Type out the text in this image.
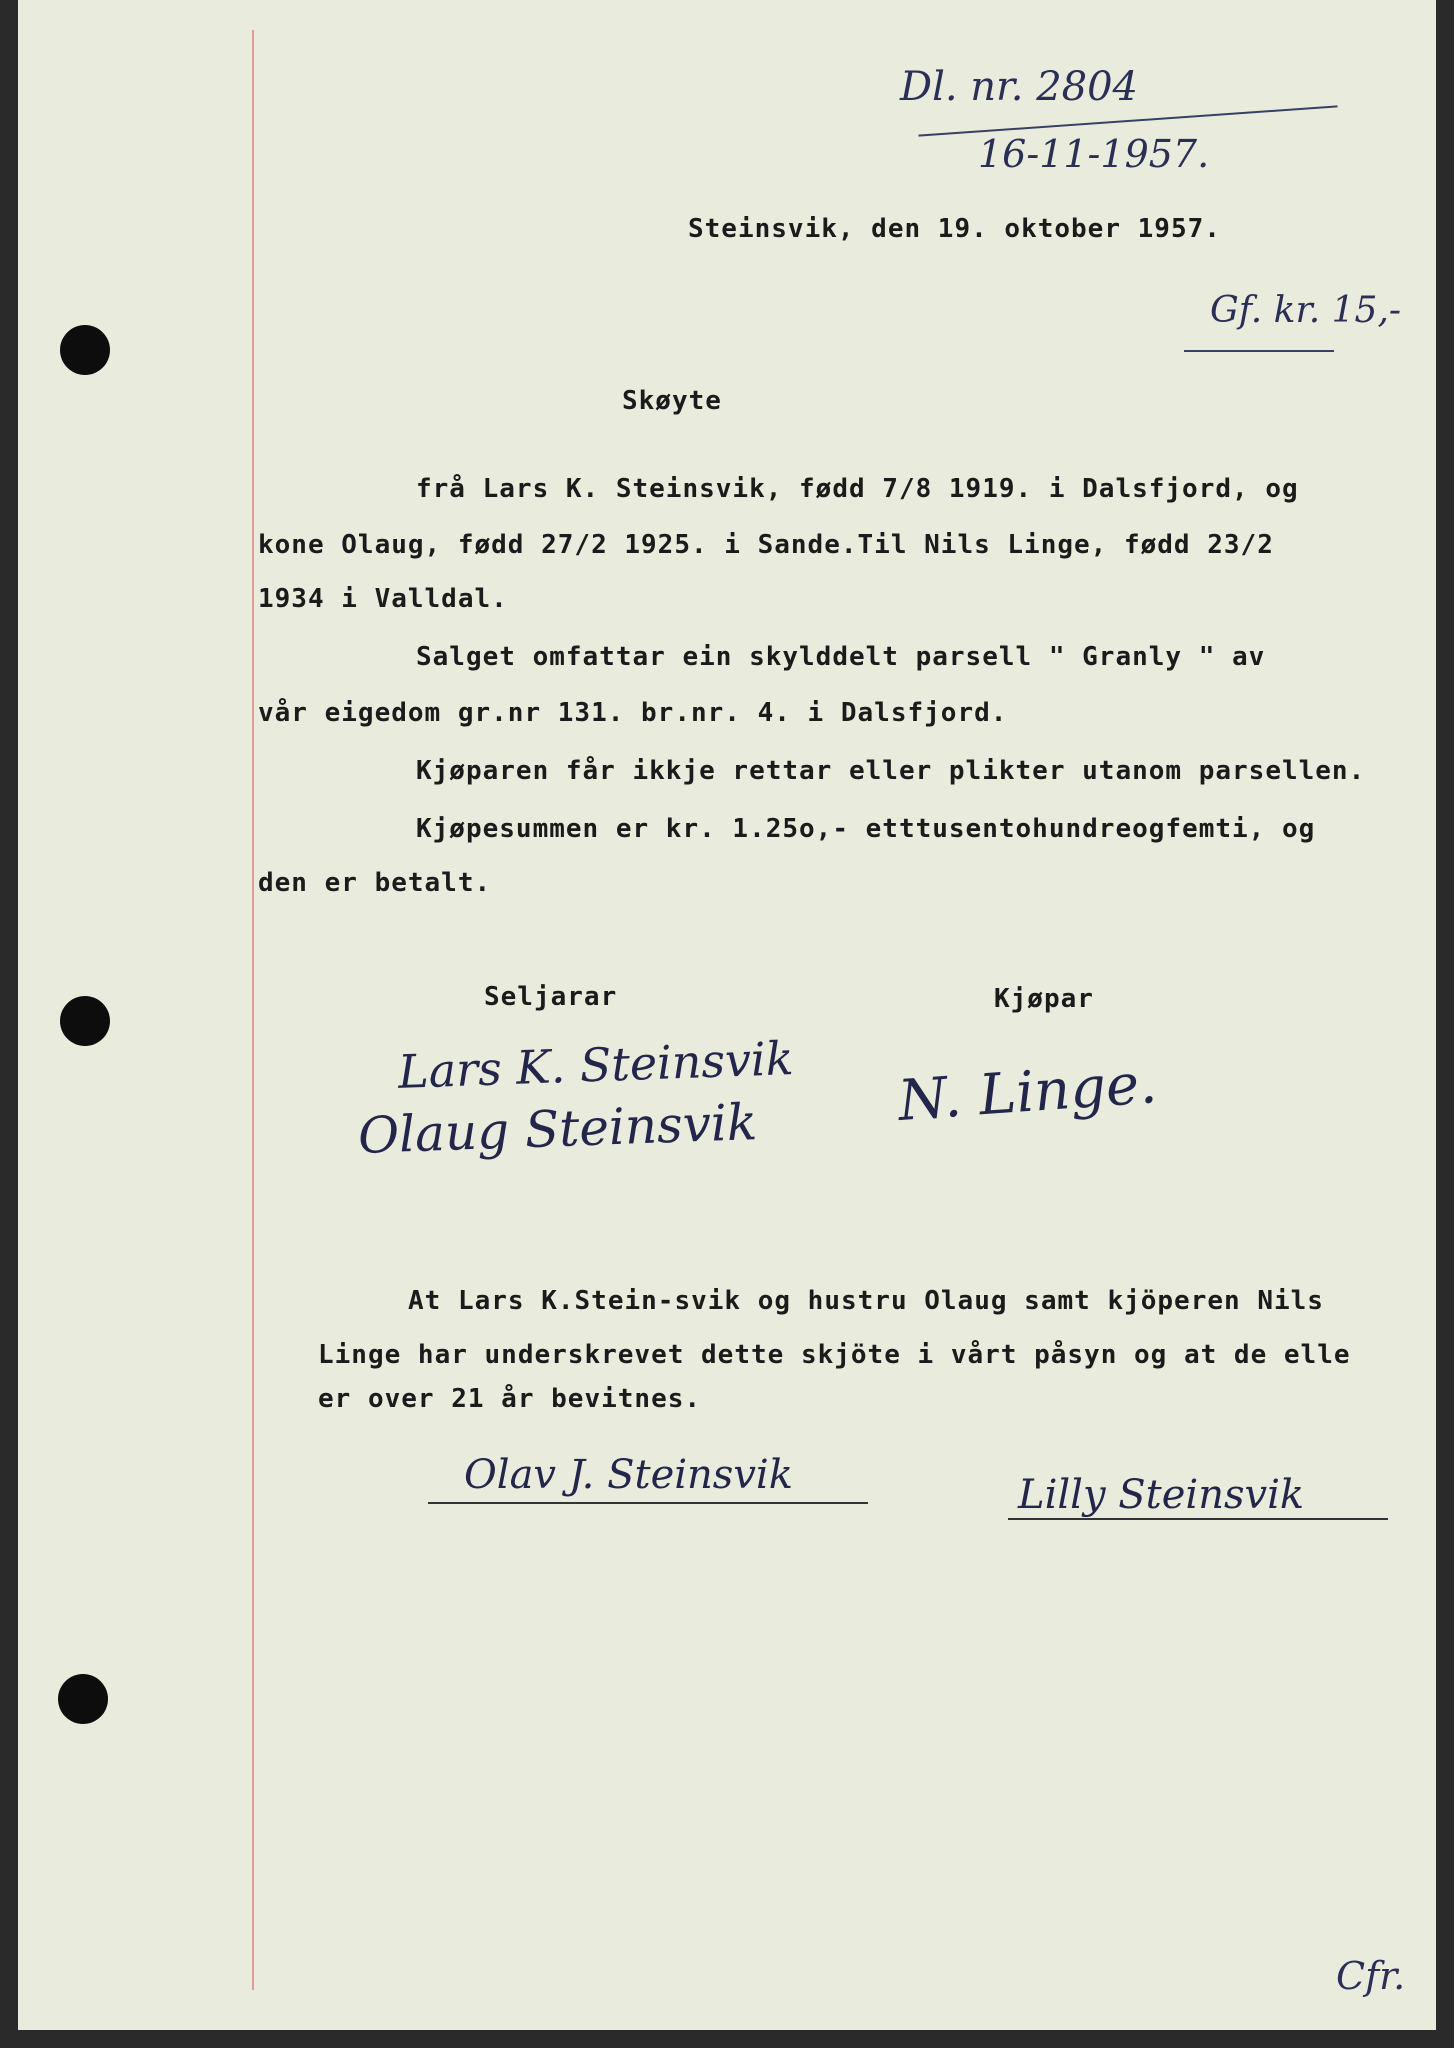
Dl. nr. 2804
16-11-1957.
Steinsvik, den 19. oktober 1957.
Gf. kr. 15,-
Skøyte
frå Lars K. Steinsvik, fødd 7/8 1919. i Dalsfjord, og
kone Olaug, fødd 27/2 1925. i Sande.Til Nils Linge, fødd 23/2
1934 i Valldal.
Salget omfattar ein skylddelt parsell " Granly " av
vår eigedom gr.nr 131. br.nr. 4. i Dalsfjord.
Kjøparen får ikkje rettar eller plikter utanom parsellen.
Kjøpesummen er kr. 1.25o,- etttusentohundreogfemti, og
den er betalt.
Seljarar	Kjøpar
Lars K. Steinsvik
Olaug Steinsvik N. Linge.
At Lars K.Stein-svik og hustru Olaug samt kjöperen Nils
Linge har underskrevet dette skjöte i vårt påsyn og at de elle
er over 21 år bevitnes.
Olav J. Steinsvik	Lilly Steinsvik
Cfr.
